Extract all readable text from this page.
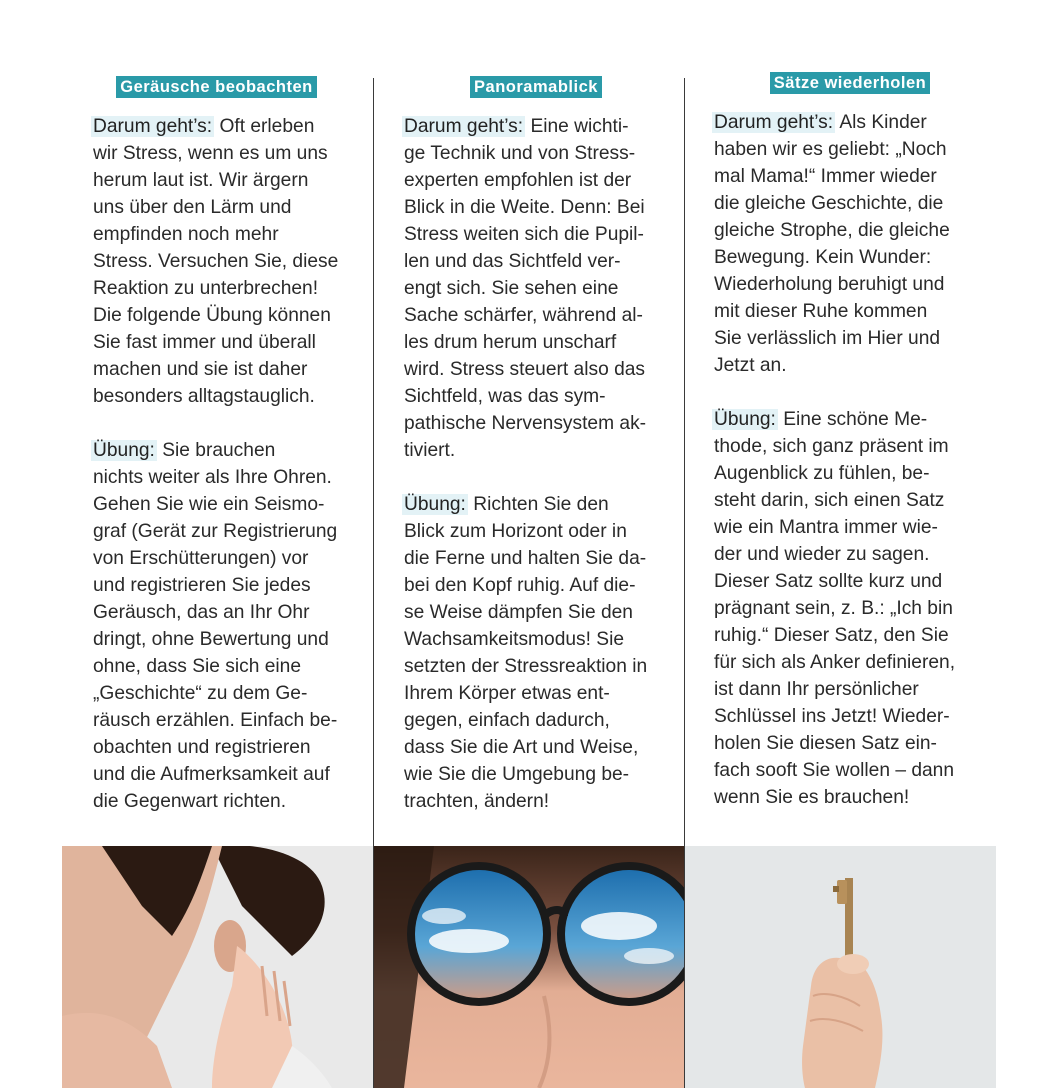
Geräusche beobachten

Darum geht’s: Oft erleben
wir Stress, wenn es um uns
herum laut ist. Wir ärgern
uns über den Lärm und
empfinden noch mehr
Stress. Versuchen Sie, diese
Reaktion zu unterbrechen!
Die folgende Übung können
Sie fast immer und überall
machen und sie ist daher
besonders alltagstauglich.

Übung: Sie brauchen
nichts weiter als Ihre Ohren.
Gehen Sie wie ein Seismo-
graf (Gerät zur Registrierung
von Erschütterungen) vor
und registrieren Sie jedes
Geräusch, das an Ihr Ohr
dringt, ohne Bewertung und
ohne, dass Sie sich eine
„Geschichte“ zu dem Ge-
räusch erzählen. Einfach be-
obachten und registrieren
und die Aufmerksamkeit auf
die Gegenwart richten.

Panoramablick

Darum geht’s: Eine wichti-
ge Technik und von Stress-
experten empfohlen ist der
Blick in die Weite. Denn: Bei
Stress weiten sich die Pupil-
len und das Sichtfeld ver-
engt sich. Sie sehen eine
Sache schärfer, während al-
les drum herum unscharf
wird. Stress steuert also das
Sichtfeld, was das sym-
pathische Nervensystem ak-
tiviert.

Übung: Richten Sie den
Blick zum Horizont oder in
die Ferne und halten Sie da-
bei den Kopf ruhig. Auf die-
se Weise dämpfen Sie den
Wachsamkeitsmodus! Sie
setzten der Stressreaktion in
Ihrem Körper etwas ent-
gegen, einfach dadurch,
dass Sie die Art und Weise,
wie Sie die Umgebung be-
trachten, ändern!

Sätze wiederholen

Darum geht’s: Als Kinder
haben wir es geliebt: „Noch
mal Mama!“ Immer wieder
die gleiche Geschichte, die
gleiche Strophe, die gleiche
Bewegung. Kein Wunder:
Wiederholung beruhigt und
mit dieser Ruhe kommen
Sie verlässlich im Hier und
Jetzt an.

Übung: Eine schöne Me-
thode, sich ganz präsent im
Augenblick zu fühlen, be-
steht darin, sich einen Satz
wie ein Mantra immer wie-
der und wieder zu sagen.
Dieser Satz sollte kurz und
prägnant sein, z. B.: „Ich bin
ruhig.“ Dieser Satz, den Sie
für sich als Anker definieren,
ist dann Ihr persönlicher
Schlüssel ins Jetzt! Wieder-
holen Sie diesen Satz ein-
fach sooft Sie wollen – dann
wenn Sie es brauchen!
